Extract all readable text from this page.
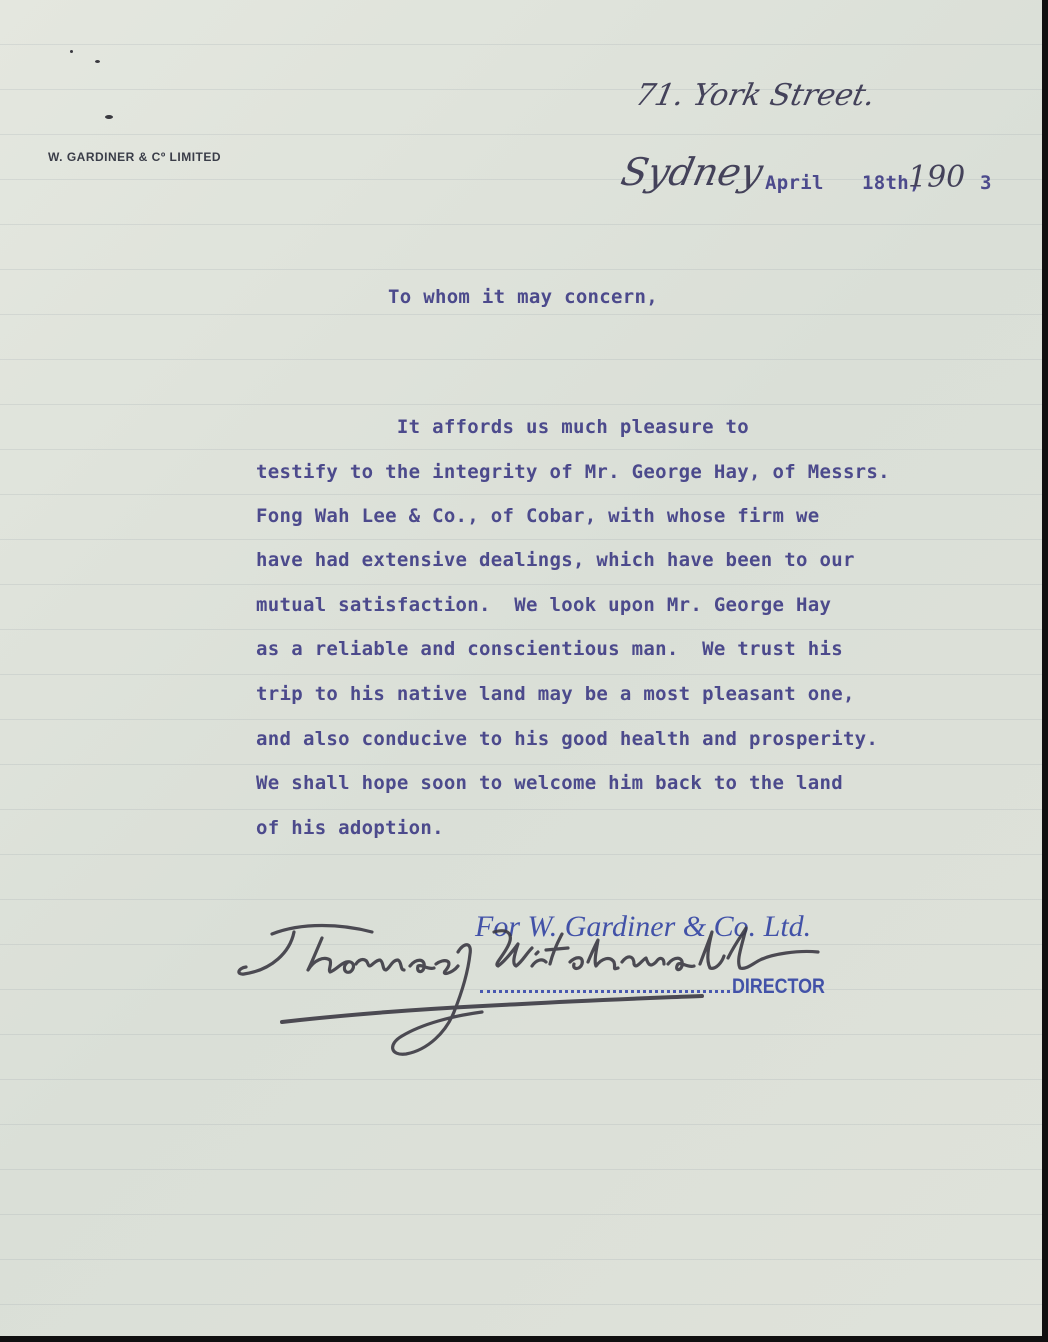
W. GARDINER & Cº LIMITED
71. York Street.
Sydney
April 18th,
190 3
To whom it may concern,
It affords us much pleasure to
testify to the integrity of Mr. George Hay, of Messrs.
Fong Wah Lee & Co., of Cobar, with whose firm we
have had extensive dealings, which have been to our
mutual satisfaction.  We look upon Mr. George Hay
as a reliable and conscientious man.  We trust his
trip to his native land may be a most pleasant one,
and also conducive to his good health and prosperity.
We shall hope soon to welcome him back to the land
of his adoption.
For W. Gardiner & Co. Ltd.
DIRECTOR
